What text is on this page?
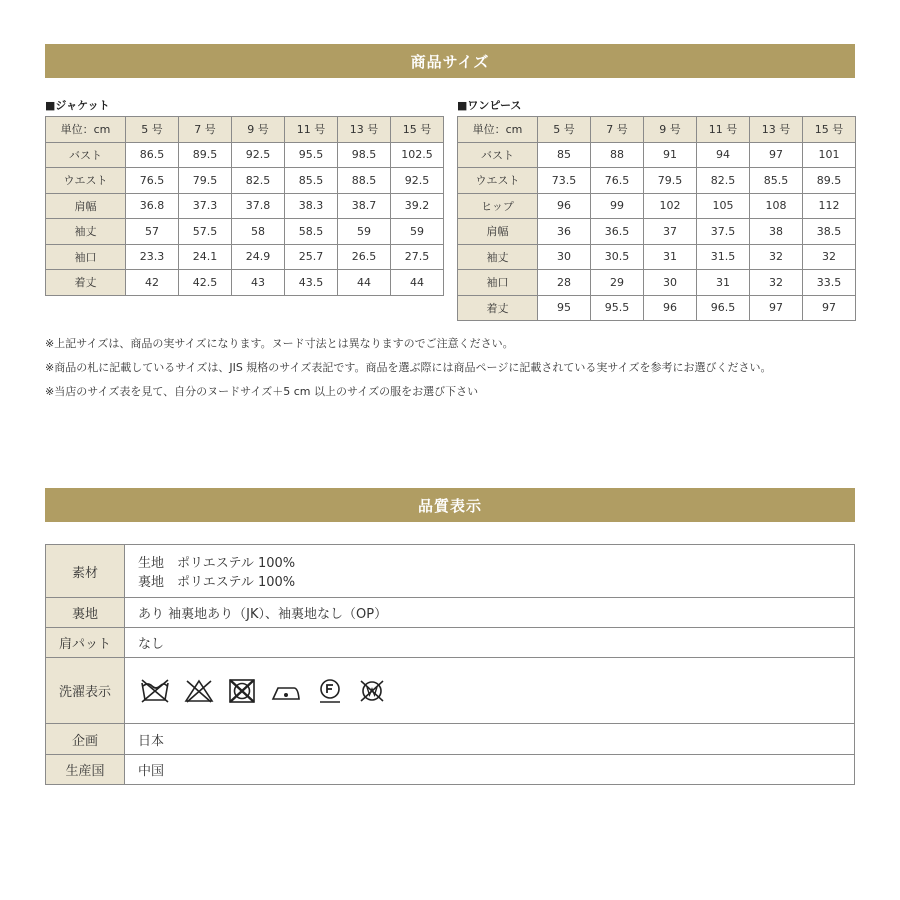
商品サイズ
■ジャケット
単位：cm	5 号	7 号	9 号	11 号	13 号	15 号
バスト	86.5	89.5	92.5	95.5	98.5	102.5
ウエスト	76.5	79.5	82.5	85.5	88.5	92.5
肩幅	36.8	37.3	37.8	38.3	38.7	39.2
袖丈	57	57.5	58	58.5	59	59
袖口	23.3	24.1	24.9	25.7	26.5	27.5
着丈	42	42.5	43	43.5	44	44
■ワンピース
単位：cm	5 号	7 号	9 号	11 号	13 号	15 号
バスト	85	88	91	94	97	101
ウエスト	73.5	76.5	79.5	82.5	85.5	89.5
ヒップ	96	99	102	105	108	112
肩幅	36	36.5	37	37.5	38	38.5
袖丈	30	30.5	31	31.5	32	32
袖口	28	29	30	31	32	33.5
着丈	95	95.5	96	96.5	97	97

※上記サイズは、商品の実サイズになります。ヌード寸法とは異なりますのでご注意ください。

※商品の札に記載しているサイズは、JIS 規格のサイズ表記です。商品を選ぶ際には商品ページに記載されている実サイズを参考にお選びください。

※当店のサイズ表を見て、自分のヌードサイズ＋5 cm 以上のサイズの服をお選び下さい

品質表示
素材	生地　ポリエステル 100%
裏地　ポリエステル 100%

裏地	あり 袖裏地あり（JK）、袖裏地なし（OP）
肩パット	なし
洗濯表示	

企画	日本
生産国	中国
